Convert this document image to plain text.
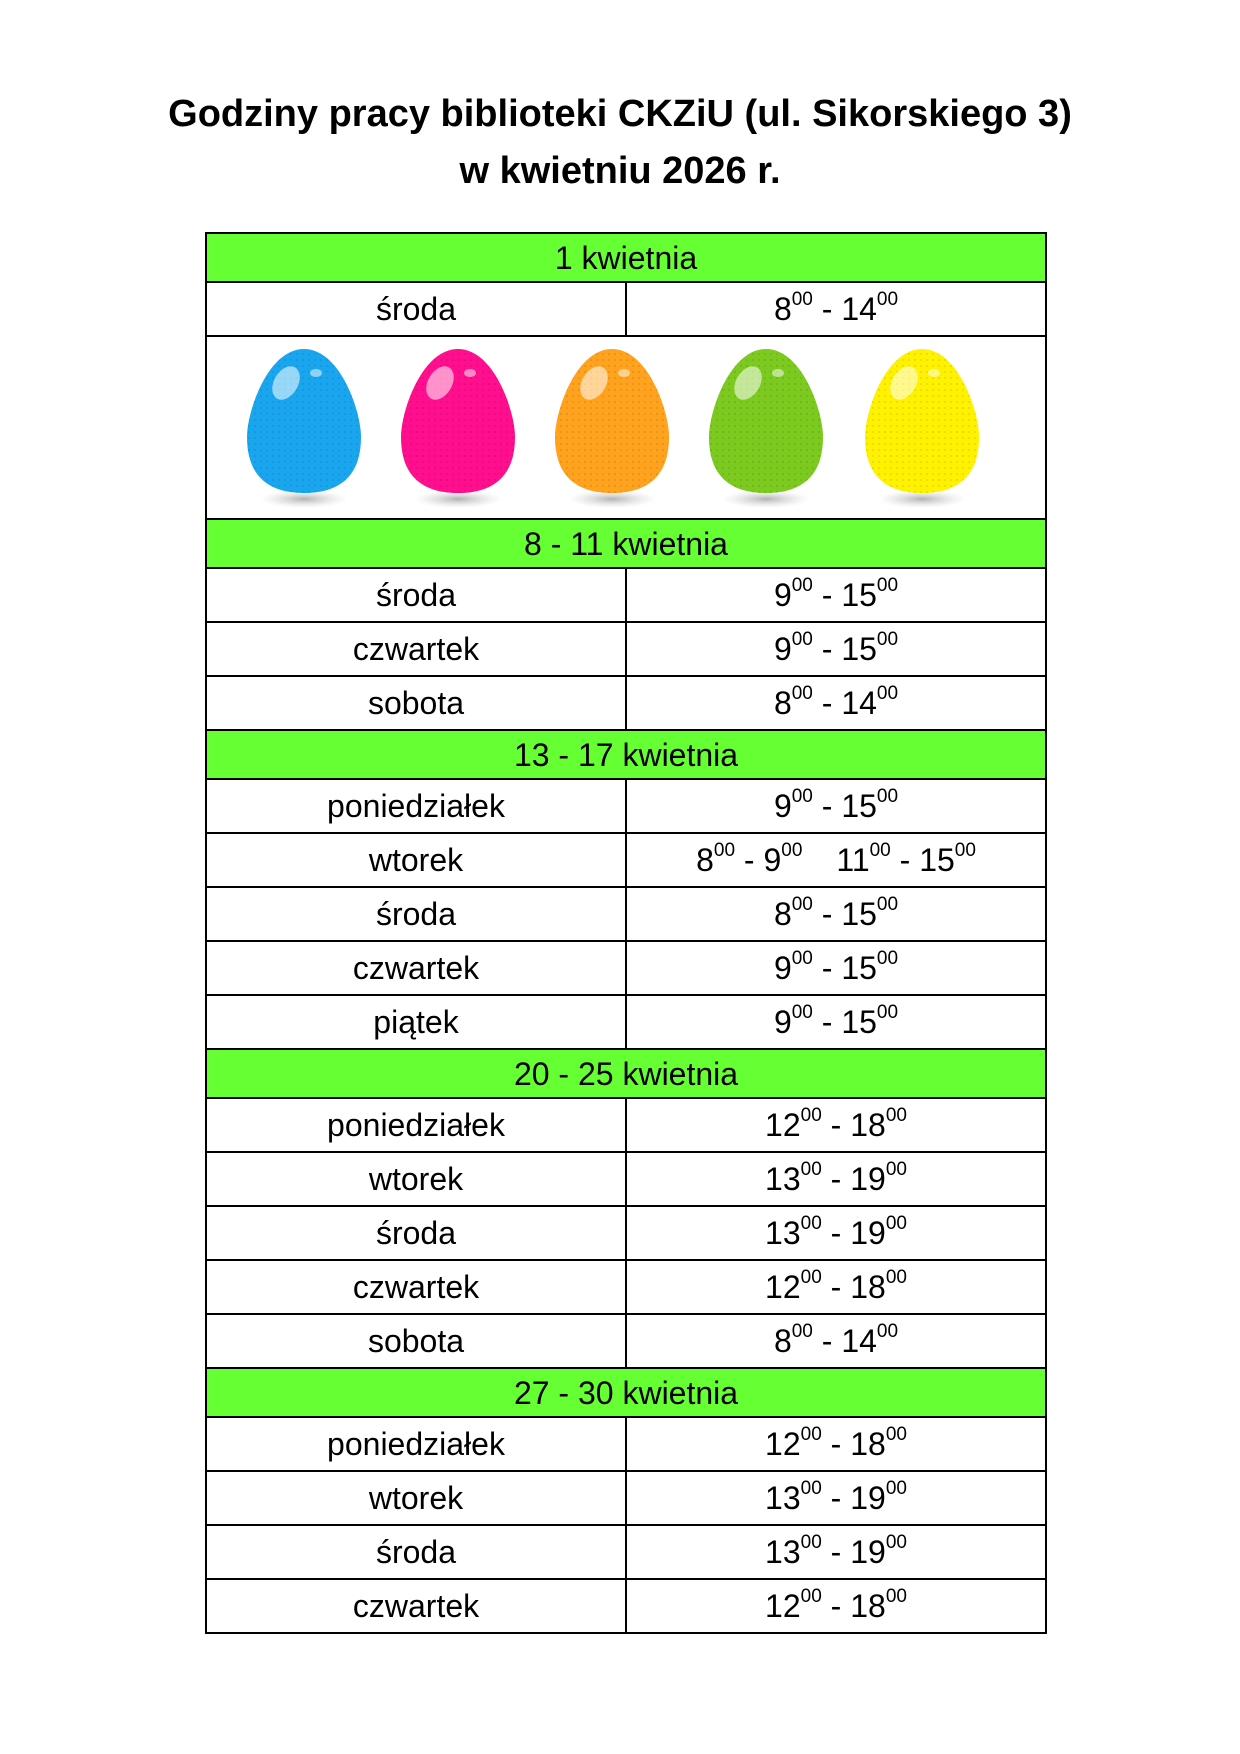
Godziny pracy biblioteki CKZiU (ul. Sikorskiego 3)
w kwietniu 2026 r.
1 kwietnia	
środa	$8^{00} - 14^{00}$

8 - 11 kwietnia	
środa	$9^{00} - 15^{00}$
czwartek	$9^{00} - 15^{00}$
sobota	$8^{00} - 14^{00}$
13 - 17 kwietnia	
poniedziałek	$9^{00} - 15^{00}$
wtorek	$8^{00} - 9^{00}$ $11^{00} - 15^{00}$
środa	$8^{00} - 15^{00}$
czwartek	$9^{00} - 15^{00}$
piątek	$9^{00} - 15^{00}$
20 - 25 kwietnia	
poniedziałek	$12^{00} - 18^{00}$
wtorek	$13^{00} - 19^{00}$
środa	$13^{00} - 19^{00}$
czwartek	$12^{00} - 18^{00}$
sobota	$8^{00} - 14^{00}$
27 - 30 kwietnia	
poniedziałek	$12^{00} - 18^{00}$
wtorek	$13^{00} - 19^{00}$
środa	$13^{00} - 19^{00}$
czwartek	$12^{00} - 18^{00}$
